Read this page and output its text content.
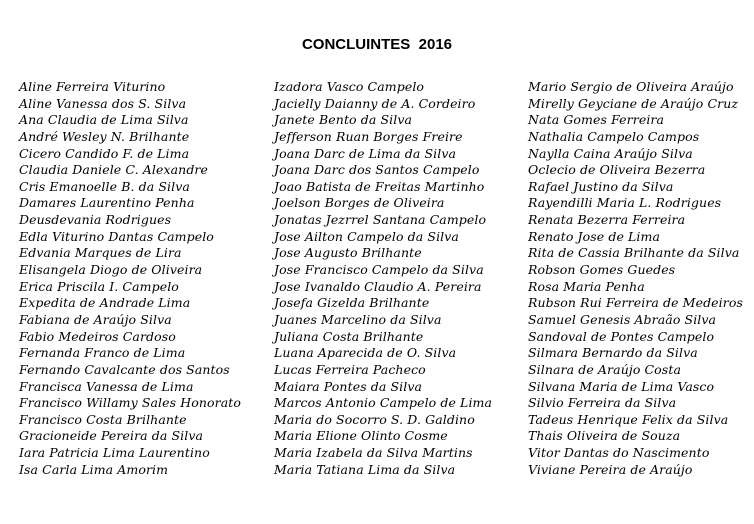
CONCLUINTES  2016
Aline Ferreira Viturino
Aline Vanessa dos S. Silva
Ana Claudia de Lima Silva
André Wesley N. Brilhante
Cicero Candido F. de Lima
Claudia Daniele C. Alexandre
Cris Emanoelle B. da Silva
Damares Laurentino Penha
Deusdevania Rodrigues
Edla Viturino Dantas Campelo
Edvania Marques de Lira
Elisangela Diogo de Oliveira
Erica Priscila I. Campelo
Expedita de Andrade Lima
Fabiana de Araújo Silva
Fabio Medeiros Cardoso
Fernanda Franco de Lima
Fernando Cavalcante dos Santos
Francisca Vanessa de Lima
Francisco Willamy Sales Honorato
Francisco Costa Brilhante
Gracioneide Pereira da Silva
Iara Patricia Lima Laurentino
Isa Carla Lima Amorim
Izadora Vasco Campelo
Jacielly Daianny de A. Cordeiro
Janete Bento da Silva
Jefferson Ruan Borges Freire
Joana Darc de Lima da Silva
Joana Darc dos Santos Campelo
Joao Batista de Freitas Martinho
Joelson Borges de Oliveira
Jonatas Jezrrel Santana Campelo
Jose Ailton Campelo da Silva
Jose Augusto Brilhante
Jose Francisco Campelo da Silva
Jose Ivanaldo Claudio A. Pereira
Josefa Gizelda Brilhante
Juanes Marcelino da Silva
Juliana Costa Brilhante
Luana Aparecida de O. Silva
Lucas Ferreira Pacheco
Maiara Pontes da Silva
Marcos Antonio Campelo de Lima
Maria do Socorro S. D. Galdino
Maria Elione Olinto Cosme
Maria Izabela da Silva Martins
Maria Tatiana Lima da Silva
Mario Sergio de Oliveira Araújo
Mirelly Geyciane de Araújo Cruz
Nata Gomes Ferreira
Nathalia Campelo Campos
Naylla Caina Araújo Silva
Oclecio de Oliveira Bezerra
Rafael Justino da Silva
Rayendilli Maria L. Rodrigues
Renata Bezerra Ferreira
Renato Jose de Lima
Rita de Cassia Brilhante da Silva
Robson Gomes Guedes
Rosa Maria Penha
Rubson Rui Ferreira de Medeiros
Samuel Genesis Abraão Silva
Sandoval de Pontes Campelo
Silmara Bernardo da Silva
Silnara de Araújo Costa
Silvana Maria de Lima Vasco
Silvio Ferreira da Silva
Tadeus Henrique Felix da Silva
Thais Oliveira de Souza
Vitor Dantas do Nascimento
Viviane Pereira de Araújo
